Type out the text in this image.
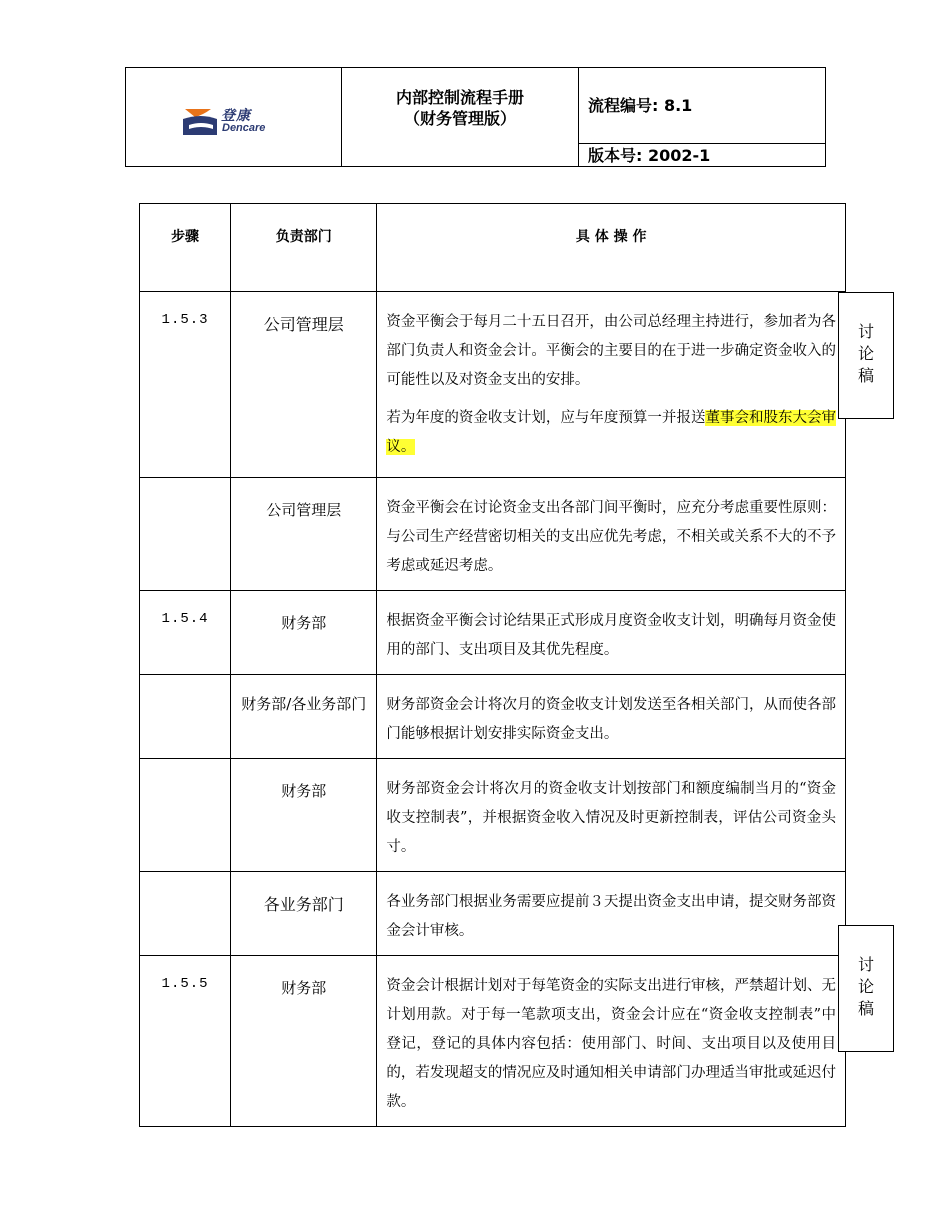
登康
Dencare
内部控制流程手册
（财务管理版）
流程编号: 8.1
版本号: 2002-1
步骤	负责部门	具 体 操 作
1.5.3	公司管理层	资金平衡会于每月二十五日召开，由公司总经理主持进行，参加者为各部门负责人和资金会计。平衡会的主要目的在于进一步确定资金收入的可能性以及对资金支出的安排。

若为年度的资金收支计划，应与年度预算一并报送董事会和股东大会审议。

	公司管理层	资金平衡会在讨论资金支出各部门间平衡时，应充分考虑重要性原则：与公司生产经营密切相关的支出应优先考虑，不相关或关系不大的不予考虑或延迟考虑。

1.5.4	财务部	根据资金平衡会讨论结果正式形成月度资金收支计划，明确每月资金使用的部门、支出项目及其优先程度。

	财务部/各业务部门	财务部资金会计将次月的资金收支计划发送至各相关部门，从而使各部门能够根据计划安排实际资金支出。

	财务部	财务部资金会计将次月的资金收支计划按部门和额度编制当月的“资金收支控制表”，并根据资金收入情况及时更新控制表，评估公司资金头寸。

	各业务部门	各业务部门根据业务需要应提前３天提出资金支出申请，提交财务部资金会计审核。

1.5.5	财务部	资金会计根据计划对于每笔资金的实际支出进行审核，严禁超计划、无计划用款。对于每一笔款项支出，资金会计应在“资金收支控制表”中登记，登记的具体内容包括：使用部门、时间、支出项目以及使用目的，若发现超支的情况应及时通知相关申请部门办理适当审批或延迟付款。

讨
论
稿
讨
论
稿
